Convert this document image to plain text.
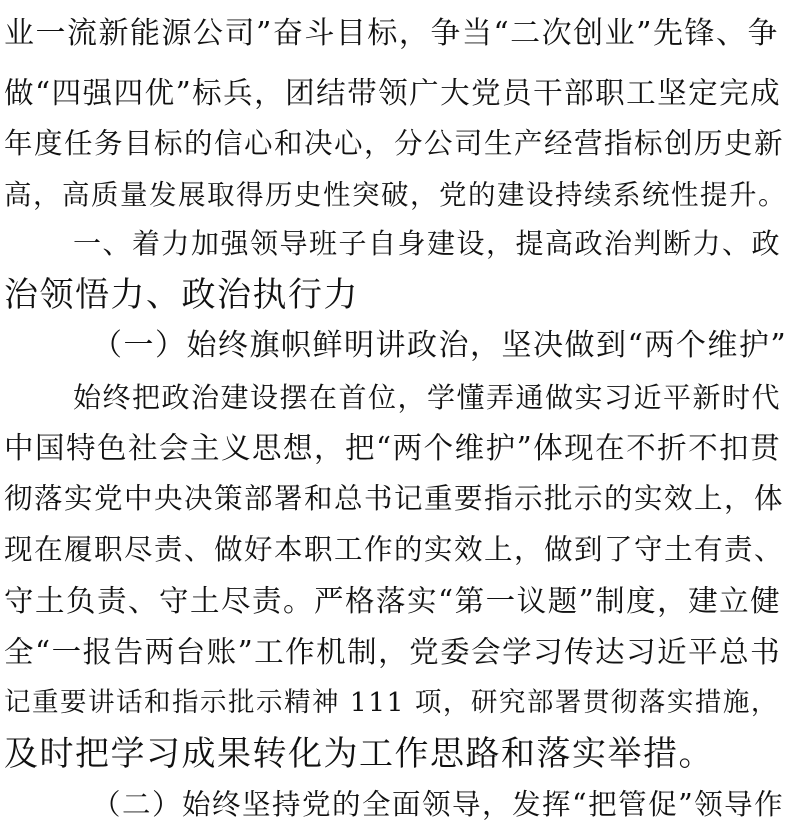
业一流新能源公司”奋斗目标，争当“二次创业”先锋、争
做“四强四优”标兵，团结带领广大党员干部职工坚定完成
年度任务目标的信心和决心，分公司生产经营指标创历史新
高，高质量发展取得历史性突破，党的建设持续系统性提升。
一、着力加强领导班子自身建设，提高政治判断力、政
治领悟力、政治执行力
（一）始终旗帜鲜明讲政治，坚决做到“两个维护”
始终把政治建设摆在首位，学懂弄通做实习近平新时代
中国特色社会主义思想，把“两个维护”体现在不折不扣贯
彻落实党中央决策部署和总书记重要指示批示的实效上，体
现在履职尽责、做好本职工作的实效上，做到了守土有责、
守土负责、守土尽责。严格落实“第一议题”制度，建立健
全“一报告两台账”工作机制，党委会学习传达习近平总书
记重要讲话和指示批示精神 111 项，研究部署贯彻落实措施，
及时把学习成果转化为工作思路和落实举措。
（二）始终坚持党的全面领导，发挥“把管促”领导作
